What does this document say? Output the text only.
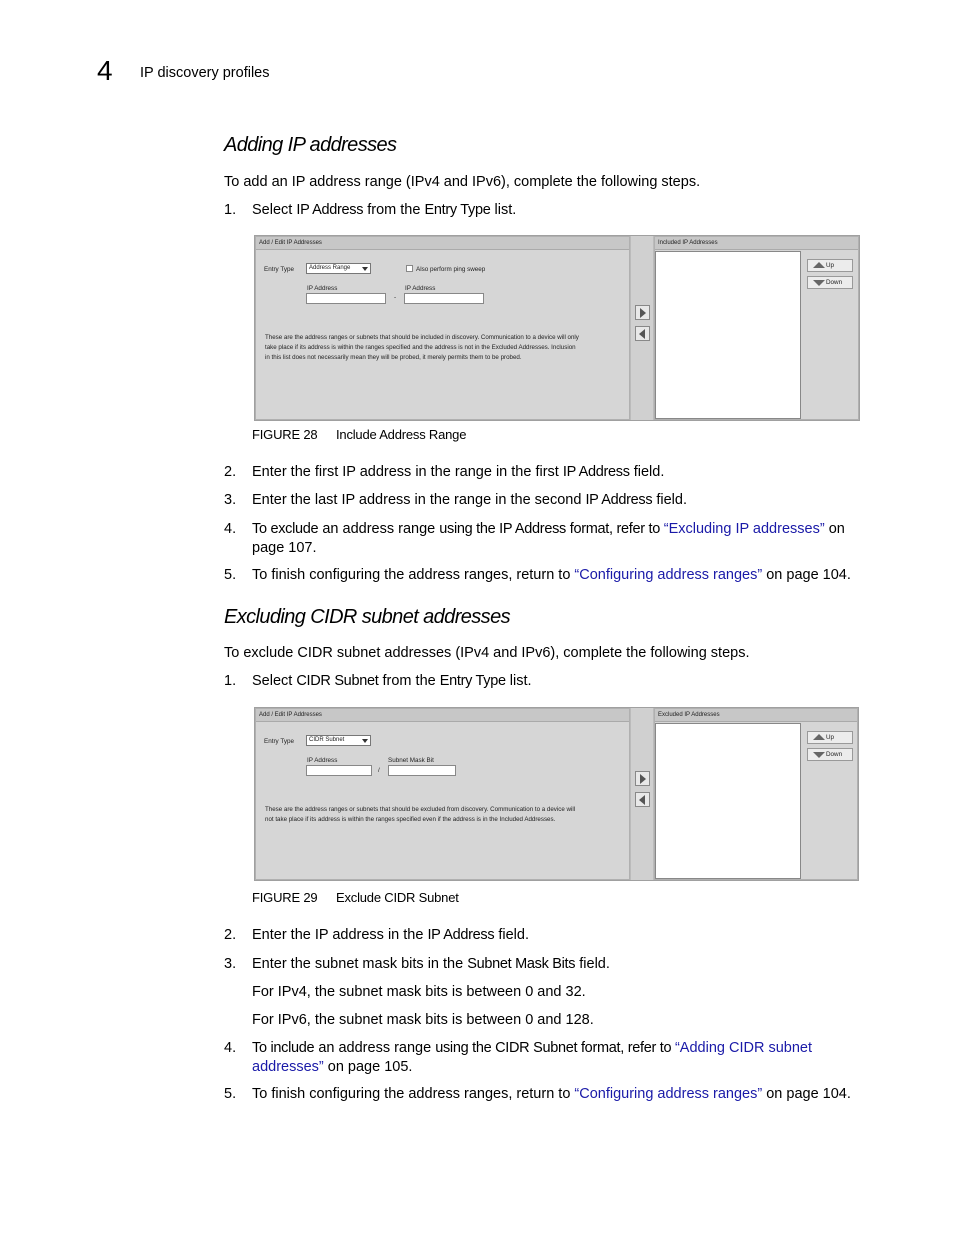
4 IP discovery profiles
Adding IP addresses
To add an IP address range (IPv4 and IPv6), complete the following steps.
1. Select IP Address from the Entry Type list.
Add / Edit IP Addresses
Entry Type	Address Range	Also perform ping sweep
IP Address
-
IP Address
These are the address ranges or subnets that should be included in discovery. Communication to a device will only
take place if its address is within the ranges specified and the address is not in the Excluded Addresses. Inclusion
in this list does not necessarily mean they will be probed, it merely permits them to be probed.
Included IP Addresses
Up
Down
FIGURE 28 Include Address Range
2. Enter the first IP address in the range in the first IP Address field.
3. Enter the last IP address in the range in the second IP Address field.
4. To exclude an address range using the IP Address format, refer to “Excluding IP addresses” on
page 107.
5. To finish configuring the address ranges, return to “Configuring address ranges” on page 104.
Excluding CIDR subnet addresses
To exclude CIDR subnet addresses (IPv4 and IPv6), complete the following steps.
1. Select CIDR Subnet from the Entry Type list.
Add / Edit IP Addresses
Entry Type	CIDR Subnet
IP Address
/
Subnet Mask Bit
These are the address ranges or subnets that should be excluded from discovery. Communication to a device will
not take place if its address is within the ranges specified even if the address is in the Included Addresses.
Excluded IP Addresses
Up
Down
FIGURE 29 Exclude CIDR Subnet
2. Enter the IP address in the IP Address field.
3. Enter the subnet mask bits in the Subnet Mask Bits field.
For IPv4, the subnet mask bits is between 0 and 32.
For IPv6, the subnet mask bits is between 0 and 128.
4. To include an address range using the CIDR Subnet format, refer to “Adding CIDR subnet
addresses” on page 105.
5. To finish configuring the address ranges, return to “Configuring address ranges” on page 104.
